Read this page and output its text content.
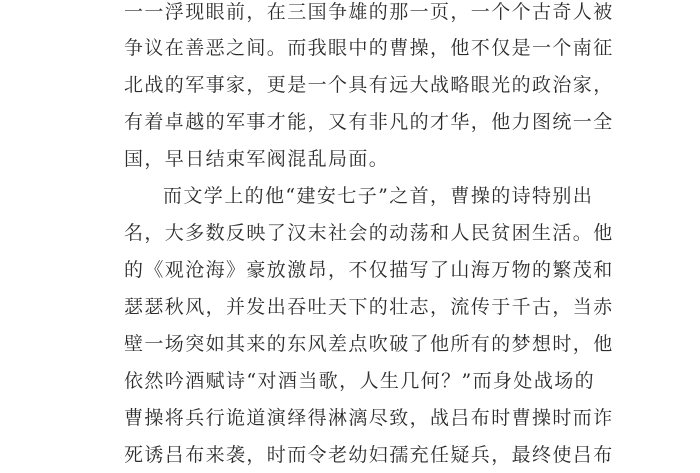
一一浮现眼前，在三国争雄的那一页，一个个古奇人被
争议在善恶之间。而我眼中的曹操，他不仅是一个南征
北战的军事家，更是一个具有远大战略眼光的政治家，
有着卓越的军事才能，又有非凡的才华，他力图统一全
国，早日结束军阀混乱局面。
而文学上的他“建安七子”之首，曹操的诗特别出
名，大多数反映了汉末社会的动荡和人民贫困生活。他
的《观沧海》豪放激昂，不仅描写了山海万物的繁茂和
瑟瑟秋风，并发出吞吐天下的壮志，流传于千古，当赤
壁一场突如其来的东风差点吹破了他所有的梦想时，他
依然吟酒赋诗“对酒当歌，人生几何？”而身处战场的
曹操将兵行诡道演绎得淋漓尽致，战吕布时曹操时而诈
死诱吕布来袭，时而令老幼妇孺充任疑兵，最终使吕布
